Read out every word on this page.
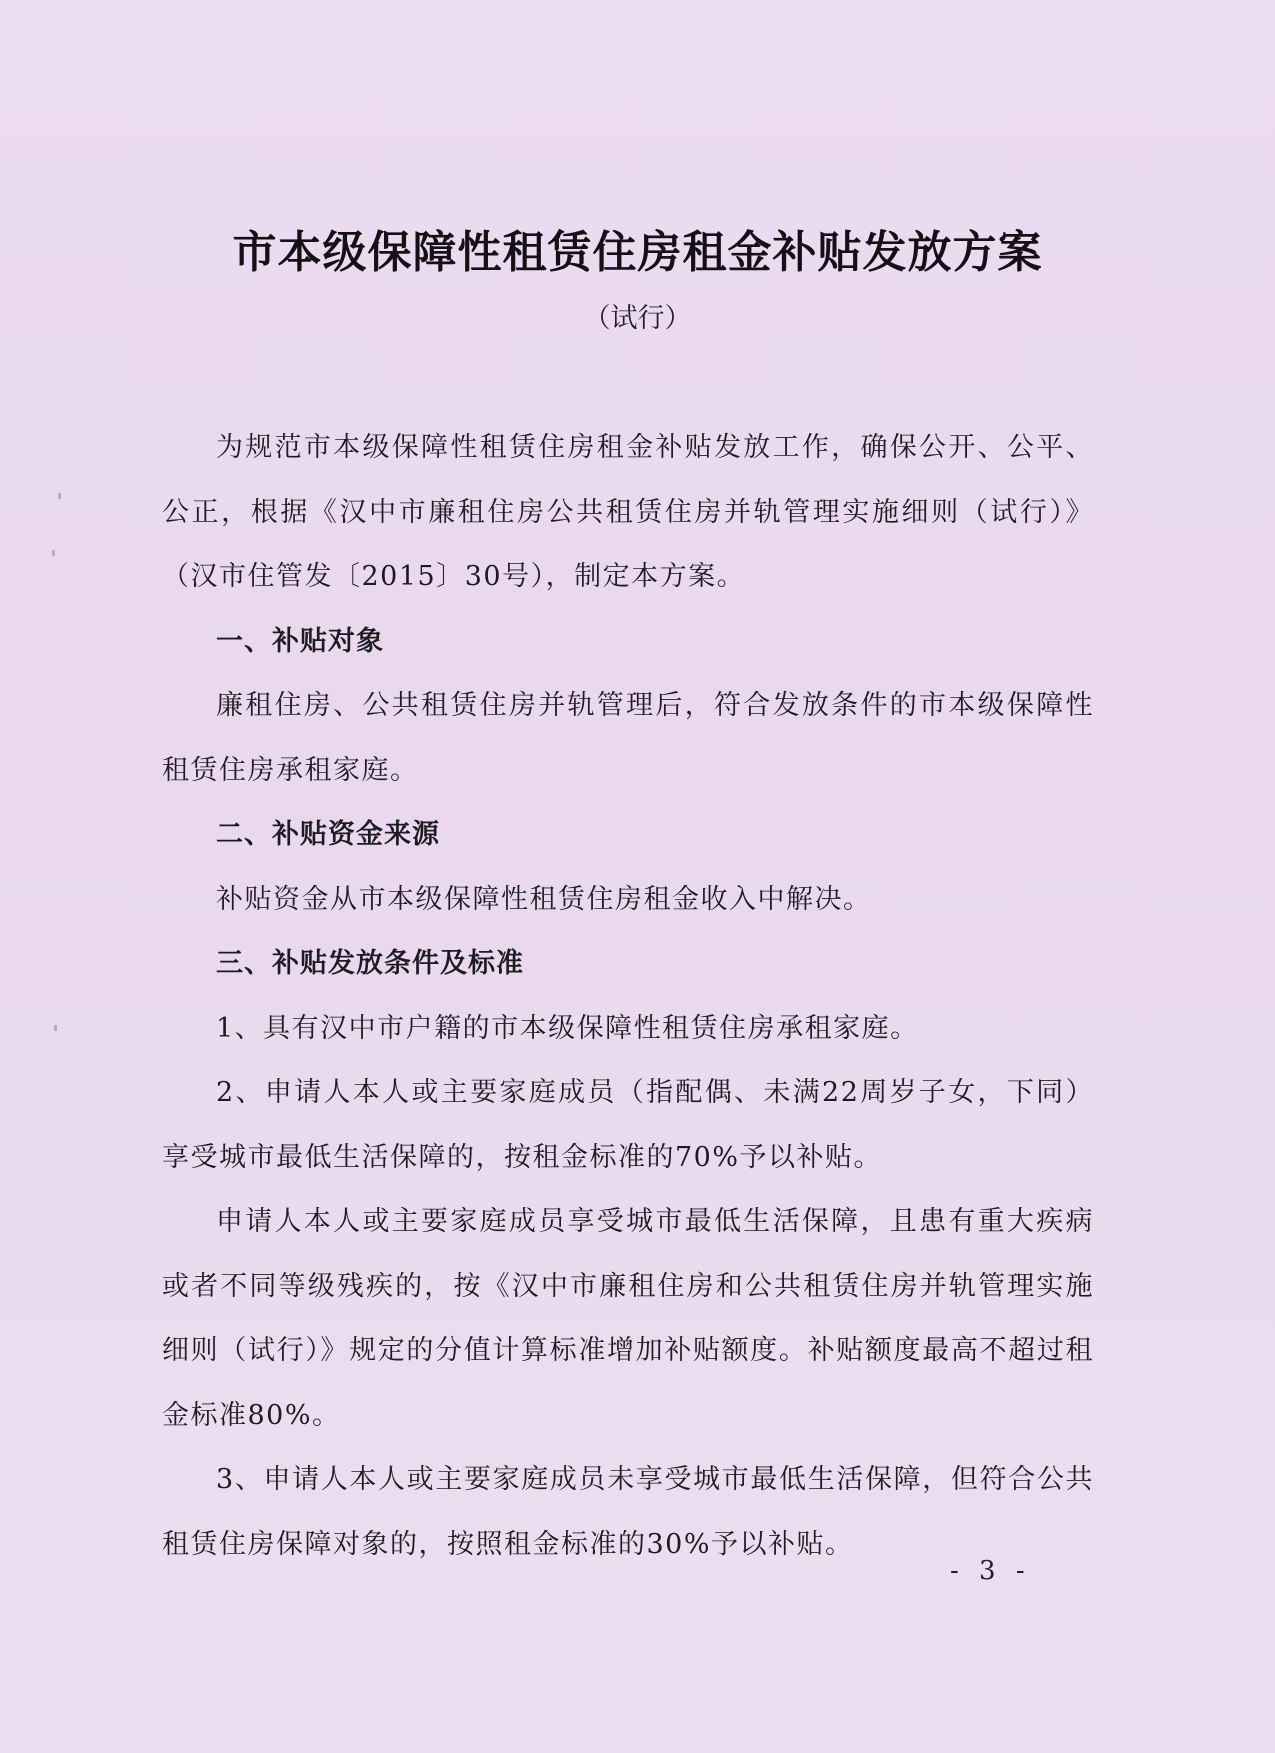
市本级保障性租赁住房租金补贴发放方案
（试行）

为规范市本级保障性租赁住房租金补贴发放工作，确保公开、公平、公正，根据《汉中市廉租住房公共租赁住房并轨管理实施细则（试行）》（汉市住管发〔2015〕30号），制定本方案。

一、补贴对象

廉租住房、公共租赁住房并轨管理后，符合发放条件的市本级保障性租赁住房承租家庭。

二、补贴资金来源

补贴资金从市本级保障性租赁住房租金收入中解决。

三、补贴发放条件及标准

1、具有汉中市户籍的市本级保障性租赁住房承租家庭。

2、申请人本人或主要家庭成员（指配偶、未满22周岁子女，下同）享受城市最低生活保障的，按租金标准的70%予以补贴。

申请人本人或主要家庭成员享受城市最低生活保障，且患有重大疾病或者不同等级残疾的，按《汉中市廉租住房和公共租赁住房并轨管理实施细则（试行）》规定的分值计算标准增加补贴额度。补贴额度最高不超过租金标准80%。

3、申请人本人或主要家庭成员未享受城市最低生活保障，但符合公共租赁住房保障对象的，按照租金标准的30%予以补贴。

- 3 -
